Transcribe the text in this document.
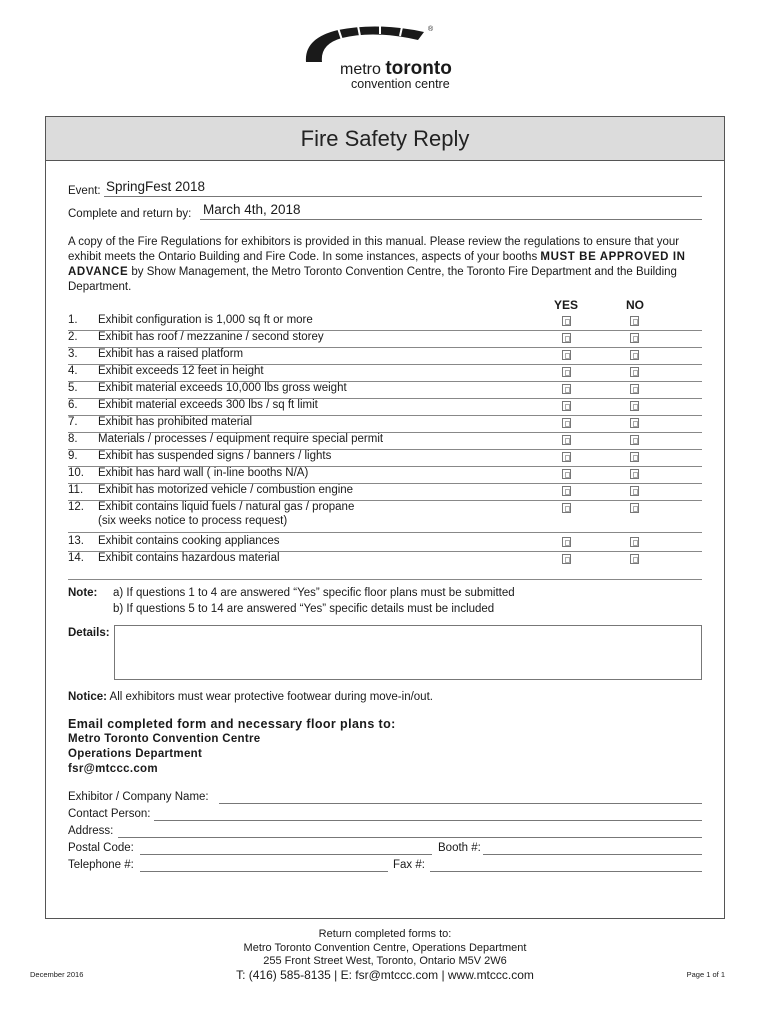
®
metro toronto
convention centre
Fire Safety Reply
Event: SpringFest 2018
Complete and return by: March 4th, 2018
A copy of the Fire Regulations for exhibitors is provided in this manual. Please review the regulations to ensure that your exhibit meets the Ontario Building and Fire Code. In some instances, aspects of your booths MUST BE APPROVED IN ADVANCE by Show Management, the Metro Toronto Convention Centre, the Toronto Fire Department and the Building Department.
YES	NO
1. Exhibit configuration is 1,000 sq ft or more
2. Exhibit has roof / mezzanine / second storey
3. Exhibit has a raised platform
4. Exhibit exceeds 12 feet in height
5. Exhibit material exceeds 10,000 lbs gross weight
6. Exhibit material exceeds 300 lbs / sq ft limit
7. Exhibit has prohibited material
8. Materials / processes / equipment require special permit
9. Exhibit has suspended signs / banners / lights
10. Exhibit has hard wall ( in-line booths N/A)
11. Exhibit has motorized vehicle / combustion engine
12. Exhibit contains liquid fuels / natural gas / propane
(six weeks notice to process request)
13. Exhibit contains cooking appliances
14. Exhibit contains hazardous material
Note: a) If questions 1 to 4 are answered “Yes” specific floor plans must be submitted
b) If questions 5 to 14 are answered “Yes” specific details must be included
Details:
Notice: All exhibitors must wear protective footwear during move-in/out.
Email completed form and necessary floor plans to:
Metro Toronto Convention Centre
Operations Department
fsr@mtccc.com
Exhibitor / Company Name:
Contact Person:
Address:
Postal Code:	Booth #:
Telephone #:	Fax #:
Return completed forms to:
Metro Toronto Convention Centre, Operations Department
255 Front Street West, Toronto, Ontario M5V 2W6
T: (416) 585-8135 | E: fsr@mtccc.com | www.mtccc.com
December 2016	Page 1 of 1
